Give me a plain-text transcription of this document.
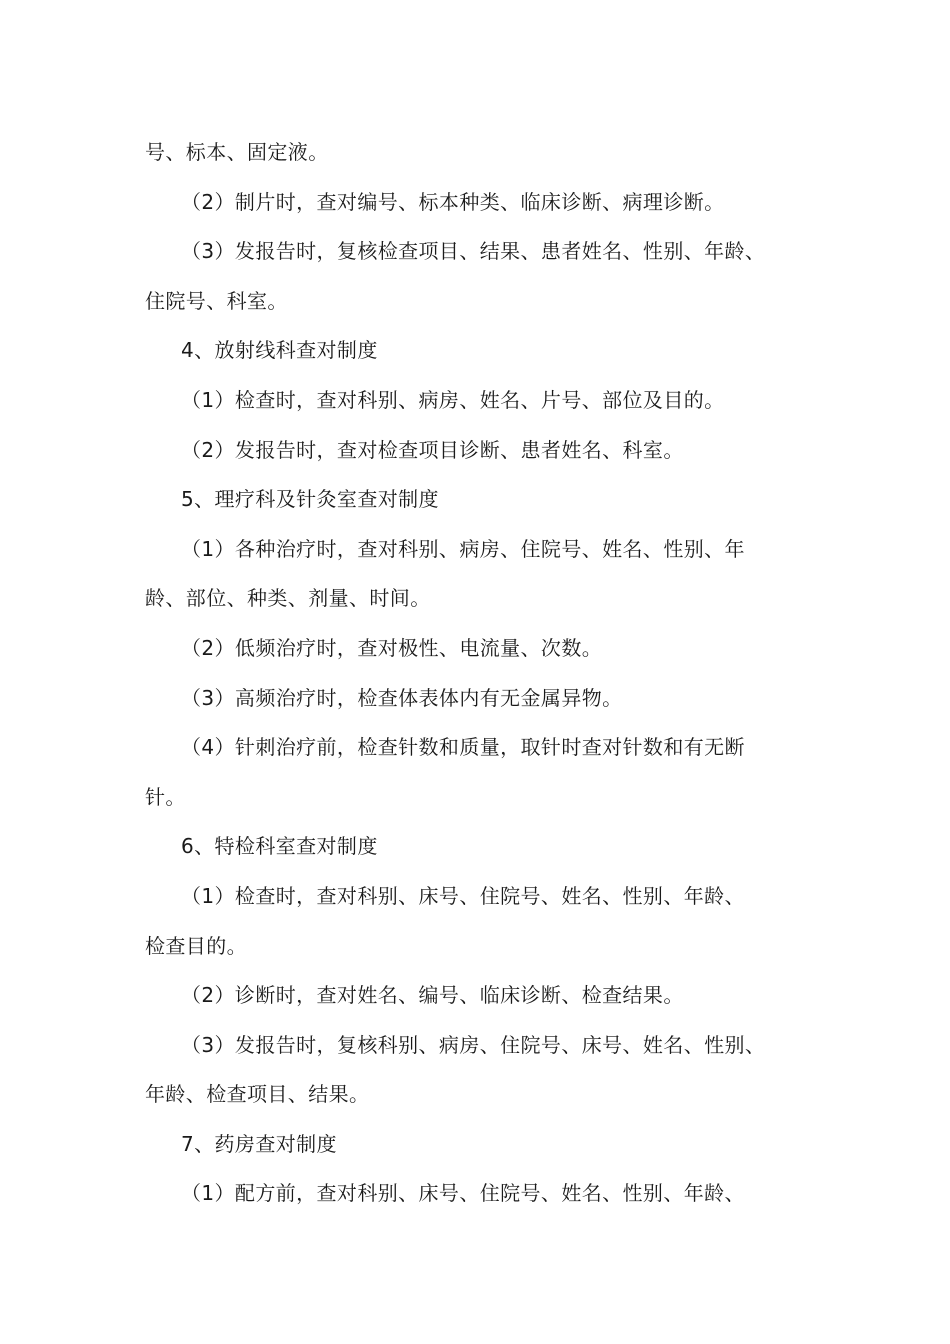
号、标本、固定液。
（2）制片时，查对编号、标本种类、临床诊断、病理诊断。
（3）发报告时，复核检查项目、结果、患者姓名、性别、年龄、
住院号、科室。
4、放射线科查对制度
（1）检查时，查对科别、病房、姓名、片号、部位及目的。
（2）发报告时，查对检查项目诊断、患者姓名、科室。
5、理疗科及针灸室查对制度
（1）各种治疗时，查对科别、病房、住院号、姓名、性别、年
龄、部位、种类、剂量、时间。
（2）低频治疗时，查对极性、电流量、次数。
（3）高频治疗时，检查体表体内有无金属异物。
（4）针刺治疗前，检查针数和质量，取针时查对针数和有无断
针。
6、特检科室查对制度
（1）检查时，查对科别、床号、住院号、姓名、性别、年龄、
检查目的。
（2）诊断时，查对姓名、编号、临床诊断、检查结果。
（3）发报告时，复核科别、病房、住院号、床号、姓名、性别、
年龄、检查项目、结果。
7、药房查对制度
（1）配方前，查对科别、床号、住院号、姓名、性别、年龄、
